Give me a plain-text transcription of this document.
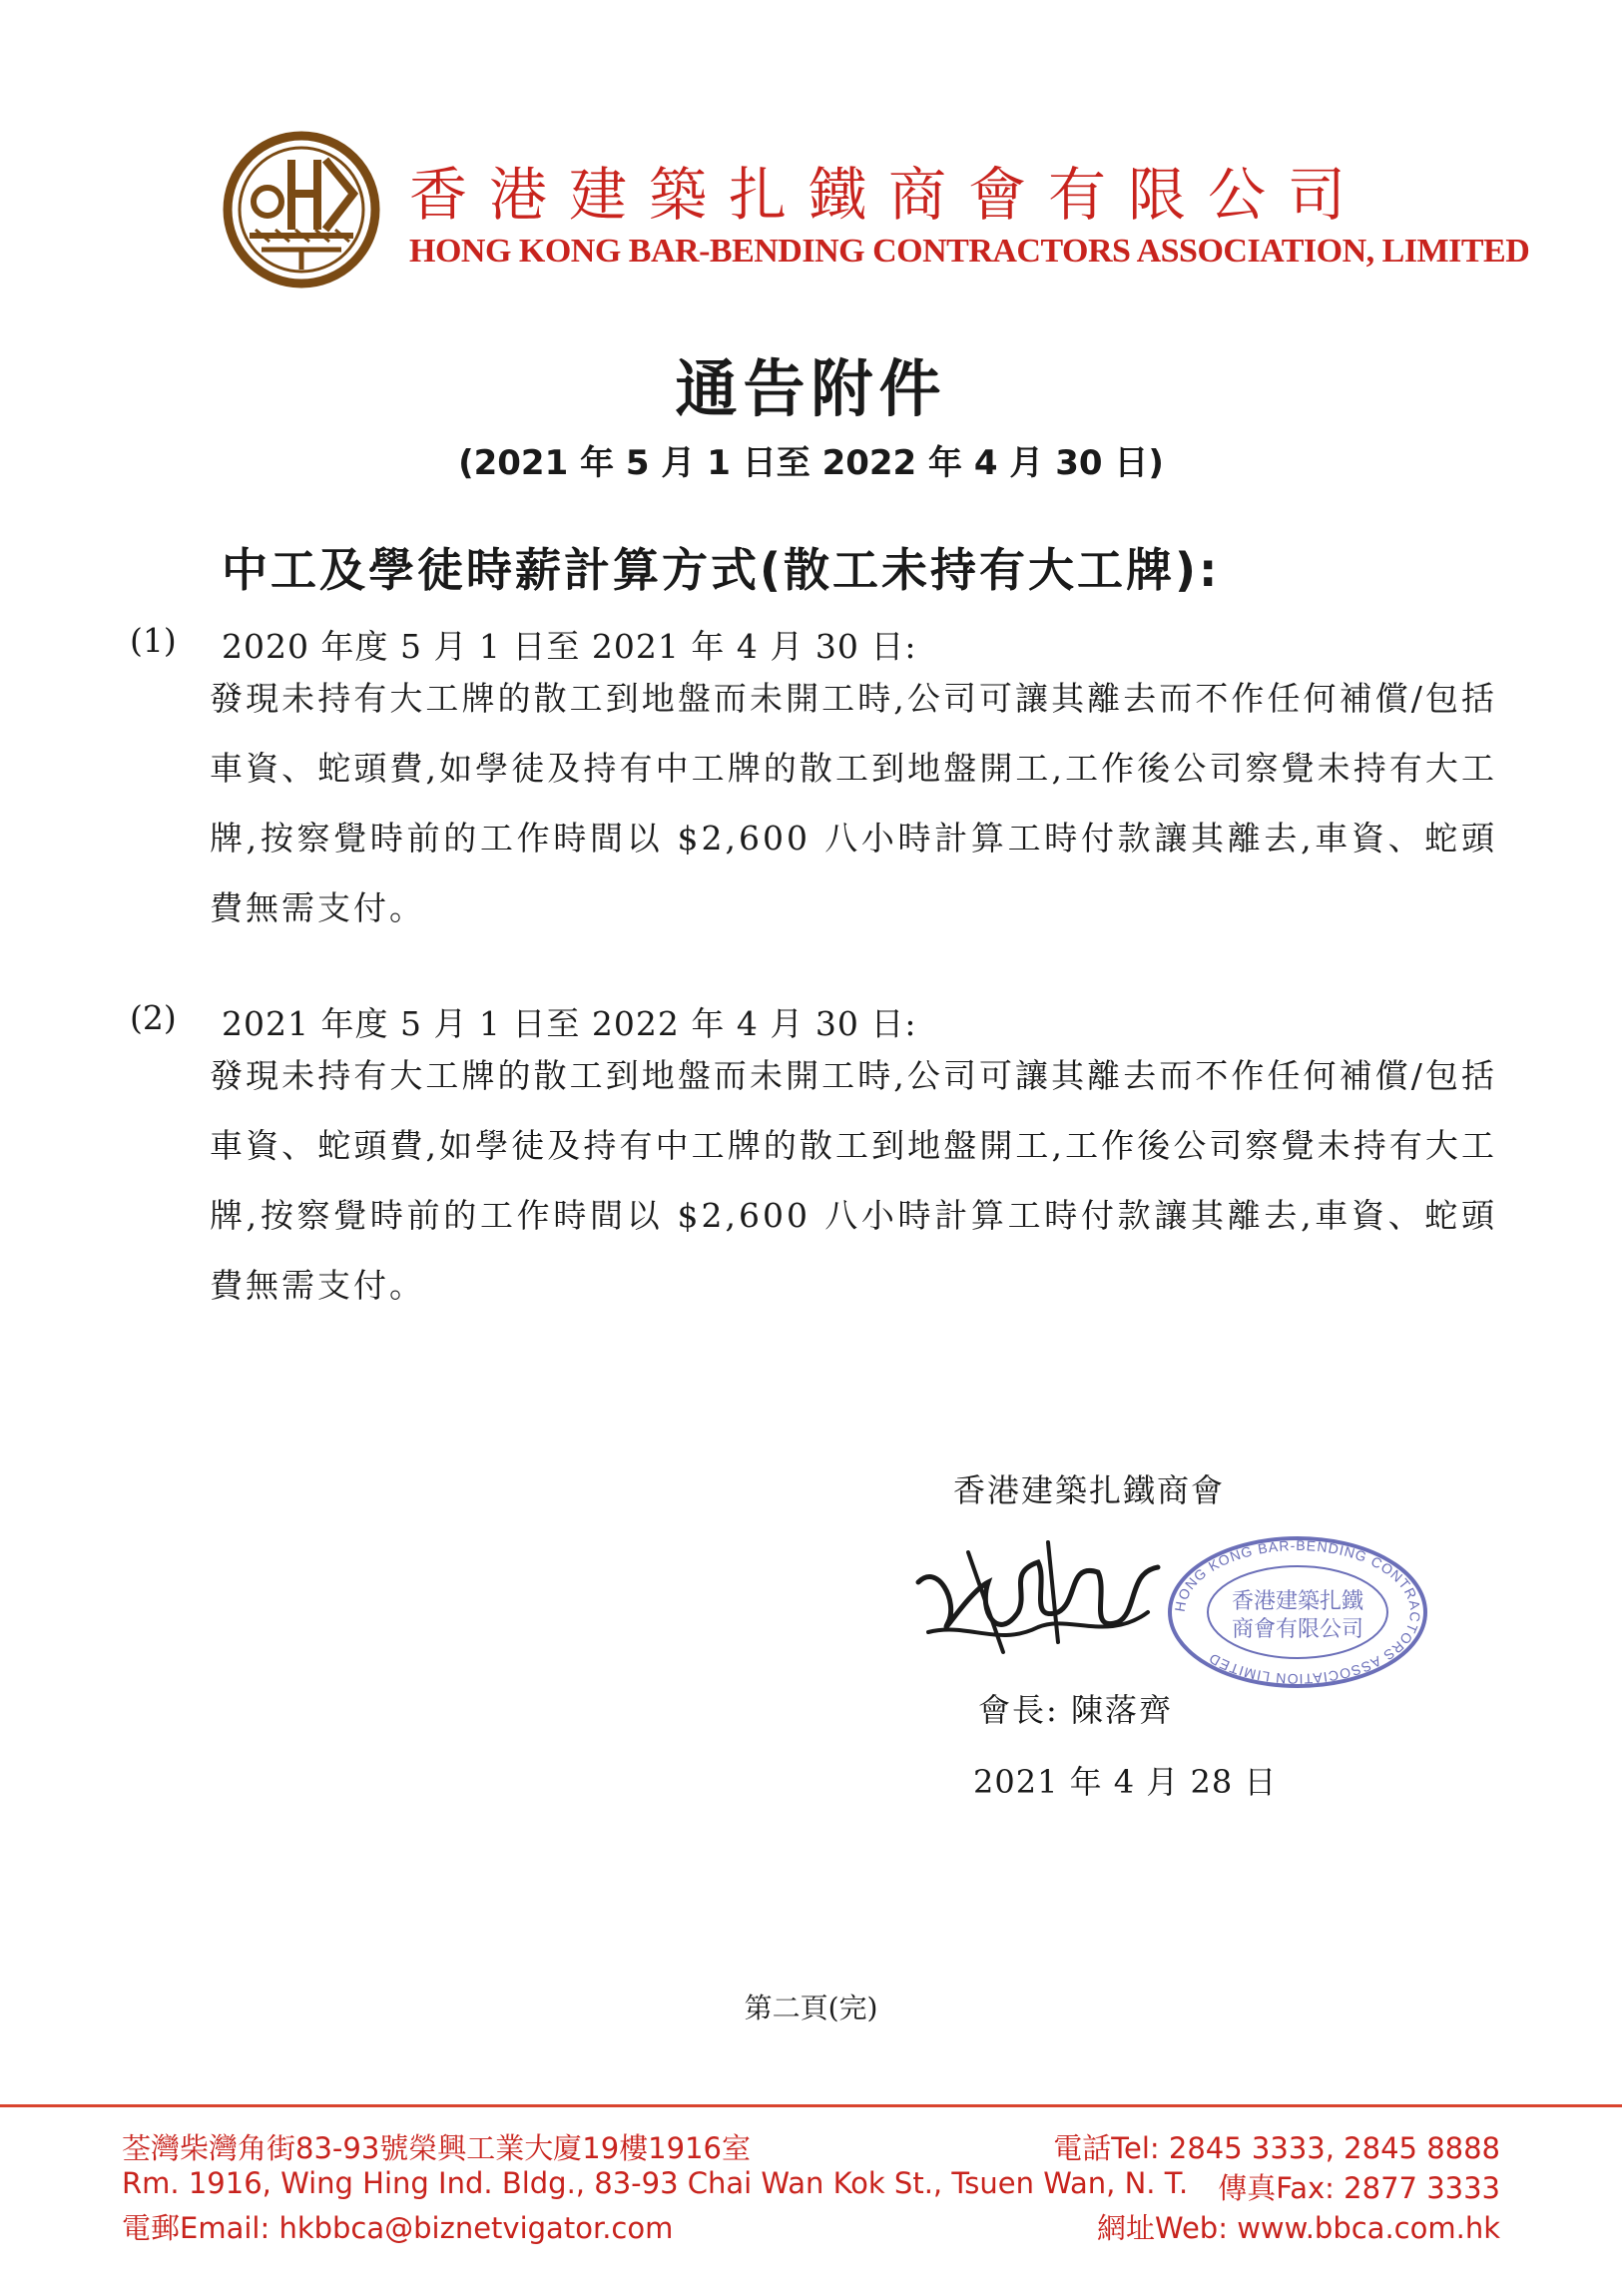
香港建築扎鐵商會有限公司
HONG KONG BAR-BENDING CONTRACTORS ASSOCIATION, LIMITED
通告附件
(2021 年 5 月 1 日至 2022 年 4 月 30 日)
中工及學徒時薪計算方式(散工未持有大工牌):
(1) 2020 年度 5 月 1 日至 2021 年 4 月 30 日:
發現未持有大工牌的散工到地盤而未開工時,公司可讓其離去而不作任何補償/包括車資、蛇頭費,如學徒及持有中工牌的散工到地盤開工,工作後公司察覺未持有大工牌,按察覺時前的工作時間以 $2,600 八小時計算工時付款讓其離去,車資、蛇頭費無需支付。
(2) 2021 年度 5 月 1 日至 2022 年 4 月 30 日:
發現未持有大工牌的散工到地盤而未開工時,公司可讓其離去而不作任何補償/包括車資、蛇頭費,如學徒及持有中工牌的散工到地盤開工,工作後公司察覺未持有大工牌,按察覺時前的工作時間以 $2,600 八小時計算工時付款讓其離去,車資、蛇頭費無需支付。
香港建築扎鐵商會
HONG KONG BAR-BENDING CONTRACTORS ASSOCIATION LIMITED
香港建築扎鐵
商會有限公司
會長: 陳落齊
2021 年 4 月 28 日
第二頁(完)
荃灣柴灣角街83-93號榮興工業大廈19樓1916室	電話Tel: 2845 3333, 2845 8888
Rm. 1916, Wing Hing Ind. Bldg., 83-93 Chai Wan Kok St., Tsuen Wan, N. T. 傳真Fax: 2877 3333
電郵Email: hkbbca@biznetvigator.com	網址Web: www.bbca.com.hk
